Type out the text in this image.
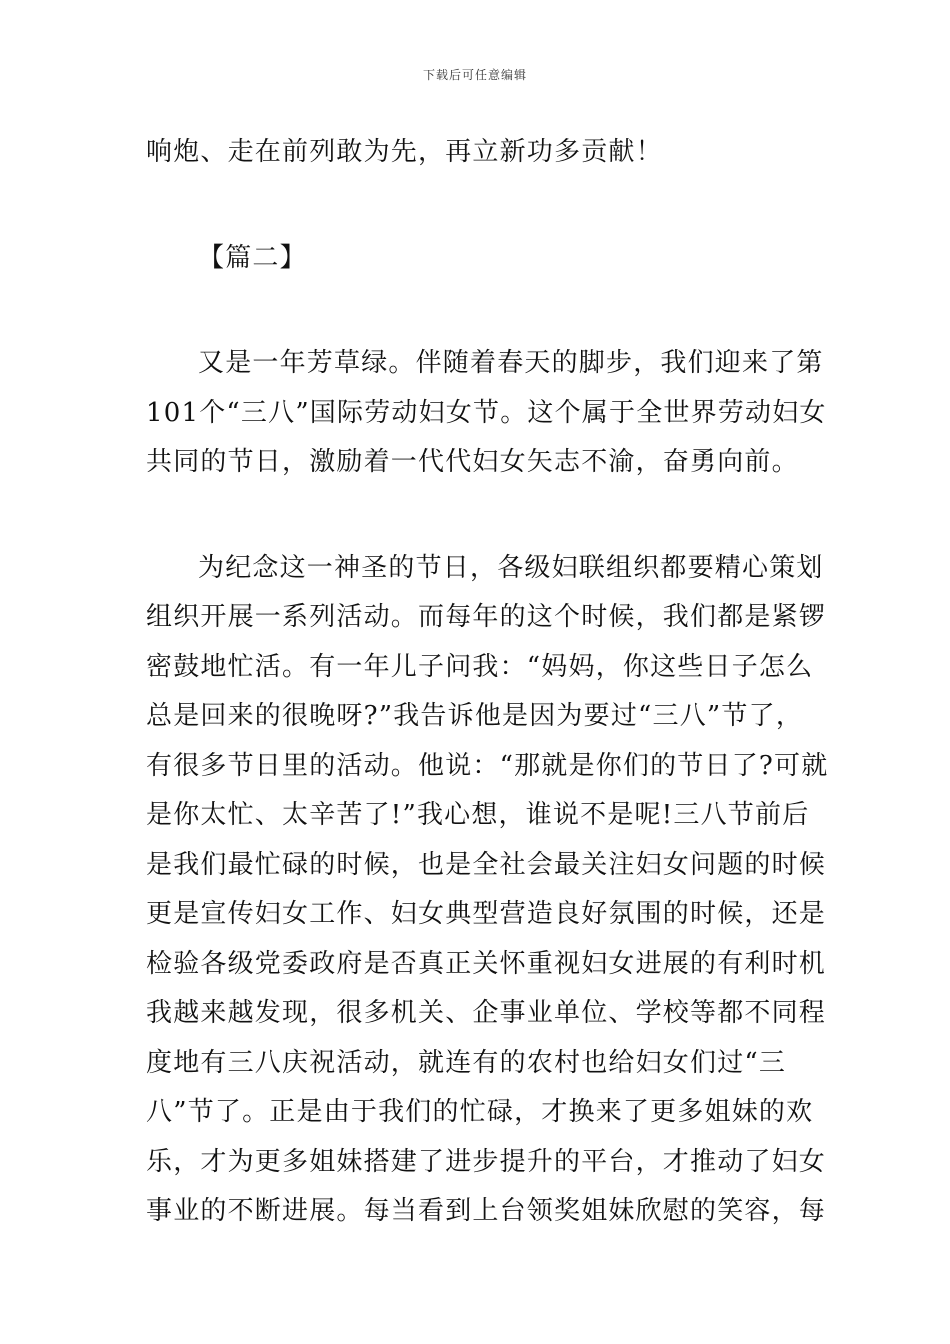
下载后可任意编辑
响炮、走在前列敢为先，再立新功多贡献！
【篇二】
又是一年芳草绿。伴随着春天的脚步，我们迎来了第
101个“三八”国际劳动妇女节。这个属于全世界劳动妇女
共同的节日，激励着一代代妇女矢志不渝，奋勇向前。
为纪念这一神圣的节日，各级妇联组织都要精心策划
组织开展一系列活动。而每年的这个时候，我们都是紧锣
密鼓地忙活。有一年儿子问我：“妈妈，你这些日子怎么
总是回来的很晚呀?”我告诉他是因为要过“三八”节了，
有很多节日里的活动。他说：“那就是你们的节日了?可就
是你太忙、太辛苦了!”我心想，谁说不是呢!三八节前后
是我们最忙碌的时候，也是全社会最关注妇女问题的时候
更是宣传妇女工作、妇女典型营造良好氛围的时候，还是
检验各级党委政府是否真正关怀重视妇女进展的有利时机
我越来越发现，很多机关、企事业单位、学校等都不同程
度地有三八庆祝活动，就连有的农村也给妇女们过“三
八”节了。正是由于我们的忙碌，才换来了更多姐妹的欢
乐，才为更多姐妹搭建了进步提升的平台，才推动了妇女
事业的不断进展。每当看到上台领奖姐妹欣慰的笑容，每
